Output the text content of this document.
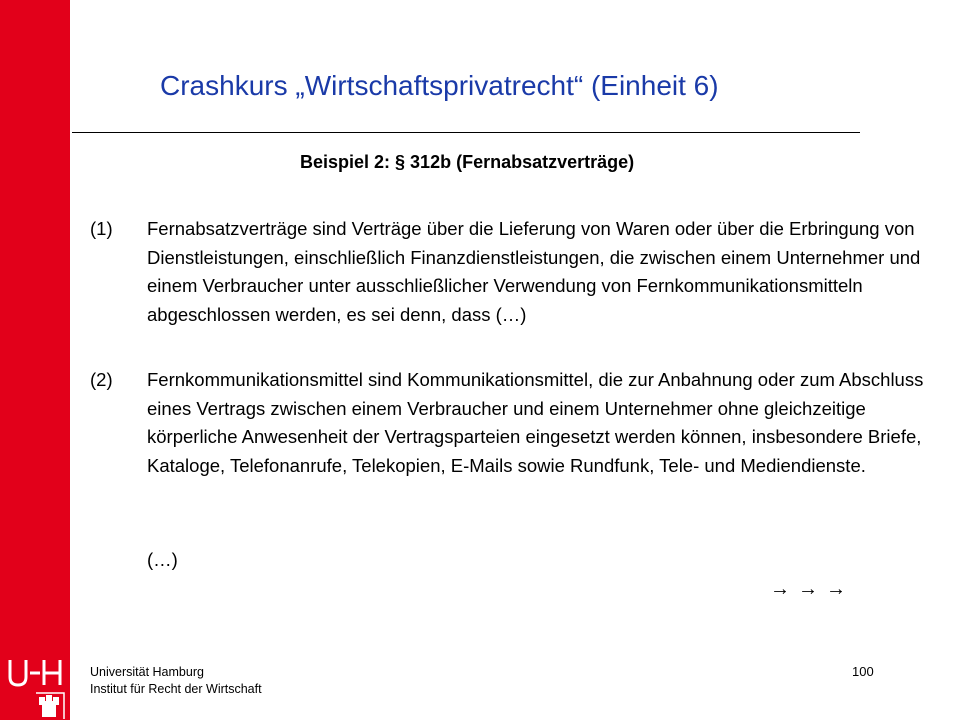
Crashkurs „Wirtschaftsprivatrecht“ (Einheit 6)
Beispiel 2: § 312b (Fernabsatzverträge)
(1)	Fernabsatzverträge sind Verträge über die Lieferung von Waren oder über die Erbringung von Dienstleistungen, einschließlich Finanzdienstleistungen, die zwischen einem Unternehmer und einem Verbraucher unter ausschließlicher Verwendung von Fernkommunikationsmitteln abgeschlossen werden, es sei denn, dass (…)
(2)	Fernkommunikationsmittel sind Kommunikationsmittel, die zur Anbahnung oder zum Abschluss eines Vertrags zwischen einem Verbraucher und einem Unternehmer ohne gleichzeitige körperliche Anwesenheit der Vertragsparteien eingesetzt werden können, insbesondere Briefe, Kataloge, Telefonanrufe, Telekopien, E-Mails sowie Rundfunk, Tele- und Mediendienste.
(…)
→→→
Universität Hamburg
Institut für Recht der Wirtschaft
100
